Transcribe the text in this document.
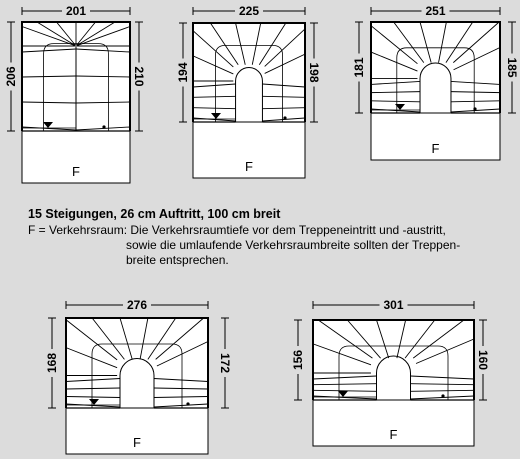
201
206	210
F
225
194	198
F
251
181	185
F
276
168	172
F
301
156	160
F

15 Steigungen, 26 cm Auftritt, 100 cm breit

F = Verkehrsraum: Die Verkehrsraumtiefe vor dem Treppeneintritt und -austritt,
sowie die umlaufende Verkehrsraumbreite sollten der Treppen-
breite entsprechen.
